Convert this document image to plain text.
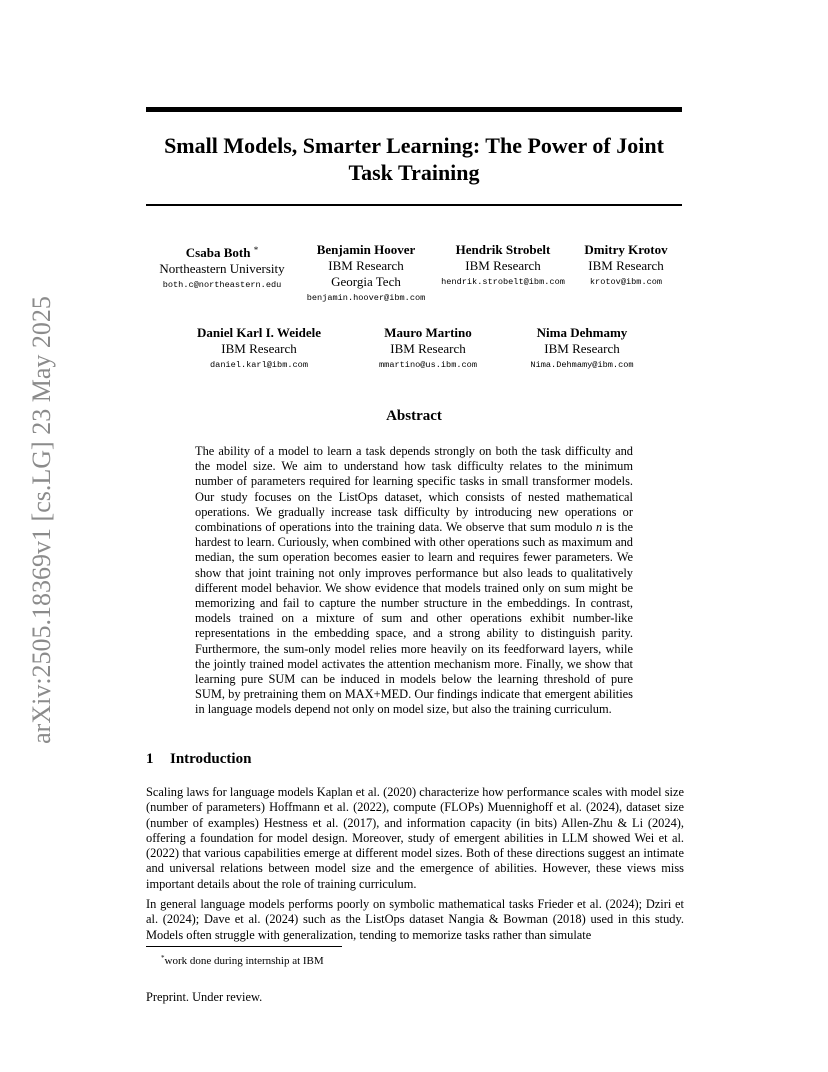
arXiv:2505.18369v1 [cs.LG] 23 May 2025
Small Models, Smarter Learning: The Power of Joint
Task Training
Csaba Both *
Northeastern University
both.c@northeastern.edu
Benjamin Hoover
IBM Research
Georgia Tech
benjamin.hoover@ibm.com
Hendrik Strobelt
IBM Research
hendrik.strobelt@ibm.com
Dmitry Krotov
IBM Research
krotov@ibm.com
Daniel Karl I. Weidele
IBM Research
daniel.karl@ibm.com
Mauro Martino
IBM Research
mmartino@us.ibm.com
Nima Dehmamy
IBM Research
Nima.Dehmamy@ibm.com
Abstract
The ability of a model to learn a task depends strongly on both the task difficulty and the model size. We aim to understand how task difficulty relates to the minimum number of parameters required for learning specific tasks in small transformer models. Our study focuses on the ListOps dataset, which consists of nested mathematical operations. We gradually increase task difficulty by introducing new operations or combinations of operations into the training data. We observe that sum modulo n is the hardest to learn. Curiously, when combined with other operations such as maximum and median, the sum operation becomes easier to learn and requires fewer parameters. We show that joint training not only improves performance but also leads to qualitatively different model behavior. We show evidence that models trained only on sum might be memorizing and fail to capture the number structure in the embeddings. In contrast, models trained on a mixture of sum and other operations exhibit number-like representations in the embedding space, and a strong ability to distinguish parity. Furthermore, the sum-only model relies more heavily on its feedforward layers, while the jointly trained model activates the attention mechanism more. Finally, we show that learning pure SUM can be induced in models below the learning threshold of pure SUM, by pretraining them on MAX+MED. Our findings indicate that emergent abilities in language models depend not only on model size, but also the training curriculum.
1 Introduction
Scaling laws for language models Kaplan et al. (2020) characterize how performance scales with model size (number of parameters) Hoffmann et al. (2022), compute (FLOPs) Muennighoff et al. (2024), dataset size (number of examples) Hestness et al. (2017), and information capacity (in bits) Allen-Zhu & Li (2024), offering a foundation for model design. Moreover, study of emergent abilities in LLM showed Wei et al. (2022) that various capabilities emerge at different model sizes. Both of these directions suggest an intimate and universal relations between model size and the emergence of abilities. However, these views miss important details about the role of training curriculum.
In general language models performs poorly on symbolic mathematical tasks Frieder et al. (2024); Dziri et al. (2024); Dave et al. (2024) such as the ListOps dataset Nangia & Bowman (2018) used in this study. Models often struggle with generalization, tending to memorize tasks rather than simulate
*work done during internship at IBM
Preprint. Under review.
